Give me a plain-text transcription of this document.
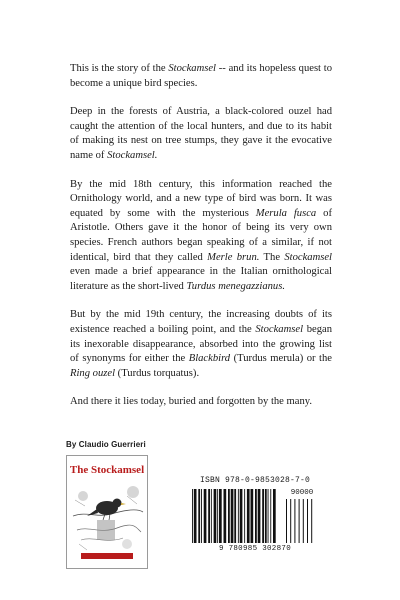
This is the story of the Stockamsel -- and its hopeless quest to become a unique bird species.

Deep in the forests of Austria, a black-colored ouzel had caught the attention of the local hunters, and due to its habit of making its nest on tree stumps, they gave it the evocative name of Stockamsel.

By the mid 18th century, this information reached the Ornithology world, and a new type of bird was born. It was equated by some with the mysterious Merula fusca of Aristotle. Others gave it the honor of being its very own species. French authors began speaking of a similar, if not identical, bird that they called Merle brun. The Stockamsel even made a brief appearance in the Italian ornithological literature as the short-lived Turdus menegazzianus.

But by the mid 19th century, the increasing doubts of its existence reached a boiling point, and the Stockamsel began its inexorable disappearance, absorbed into the growing list of synonyms for either the Blackbird (Turdus merula) or the Ring ouzel (Turdus torquatus).

And there it lies today, buried and forgotten by the many.

By Claudio Guerrieri
The Stockamsel
ISBN 978-0-9853028-7-0
90000
9 780985 302870
